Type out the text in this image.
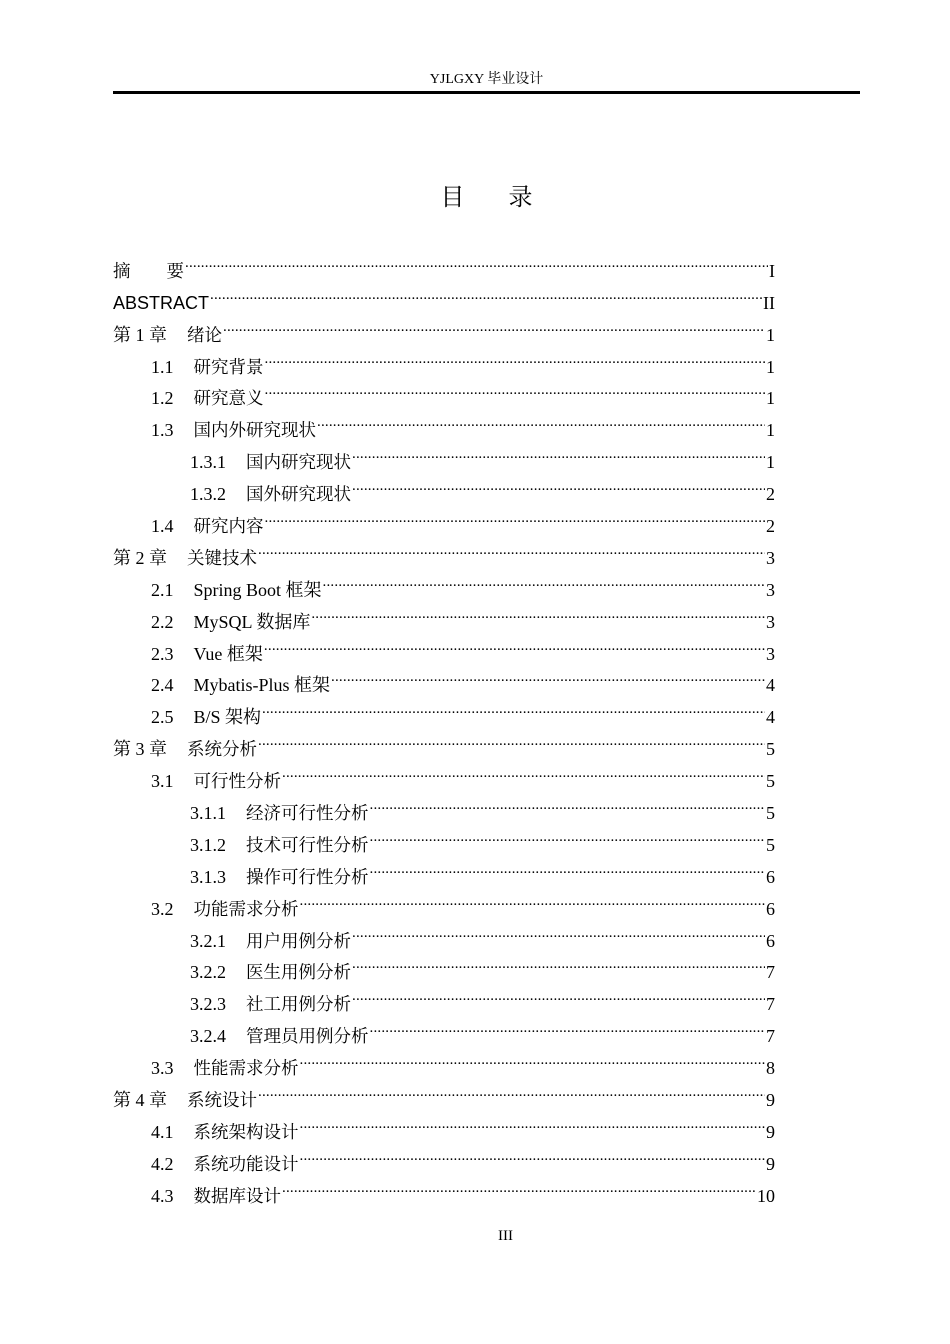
YJLGXY 毕业设计
目录
摘要 .....	I
ABSTRACT .....	II
第 1 章 绪论 .....	1
1.1 研究背景 .....	1
1.2 研究意义 .....	1
1.3 国内外研究现状 .....	1
1.3.1 国内研究现状 .....	1
1.3.2 国外研究现状 .....	2
1.4 研究内容 .....	2
第 2 章 关键技术 .....	3
2.1 Spring Boot 框架 .....	3
2.2 MySQL 数据库 .....	3
2.3 Vue 框架 .....	3
2.4 Mybatis-Plus 框架 .....	4
2.5 B/S 架构 .....	4
第 3 章 系统分析 .....	5
3.1 可行性分析 .....	5
3.1.1 经济可行性分析 .....	5
3.1.2 技术可行性分析 .....	5
3.1.3 操作可行性分析 .....	6
3.2 功能需求分析 .....	6
3.2.1 用户用例分析 .....	6
3.2.2 医生用例分析 .....	7
3.2.3 社工用例分析 .....	7
3.2.4 管理员用例分析 .....	7
3.3 性能需求分析 .....	8
第 4 章 系统设计 .....	9
4.1 系统架构设计 .....	9
4.2 系统功能设计 .....	9
4.3 数据库设计 .....	10
III
